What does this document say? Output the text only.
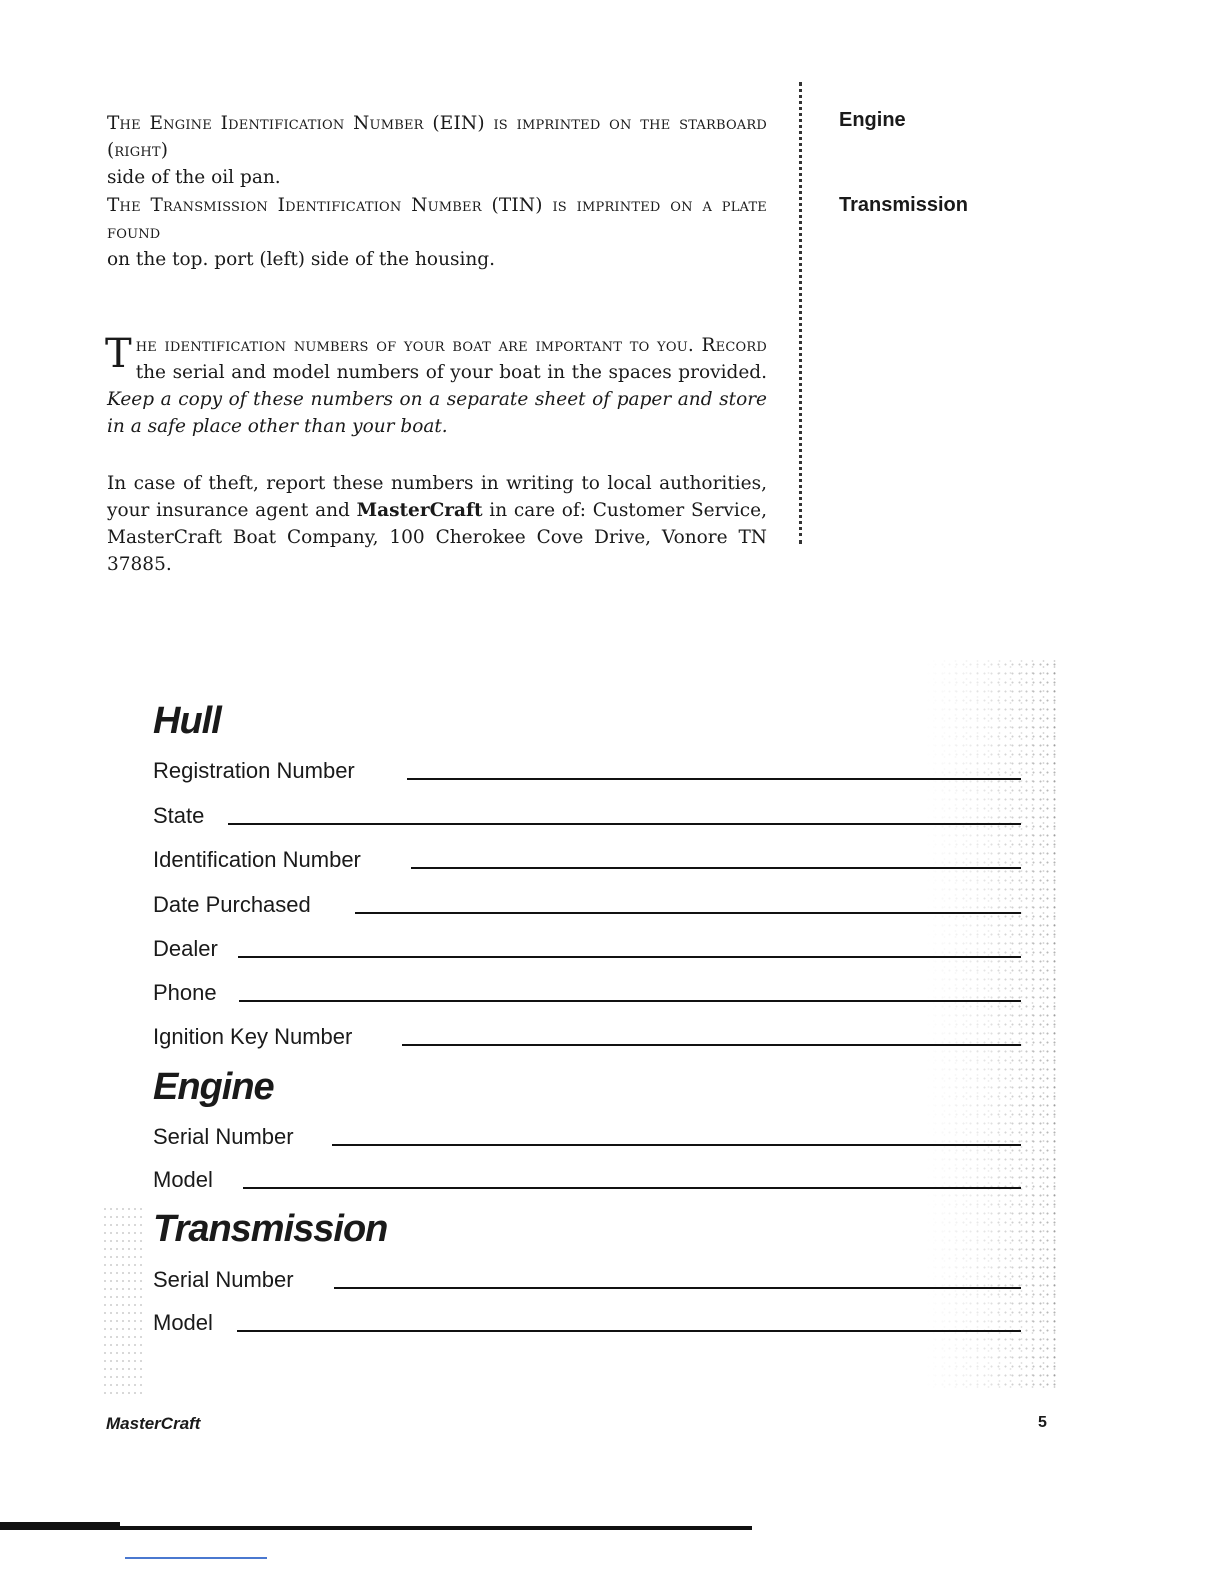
The Engine Identification Number (EIN) is imprinted on the starboard (right)
side of the oil pan.
The Transmission Identification Number (TIN) is imprinted on a plate found
on the top. port (left) side of the housing.
T he identification numbers of your boat are important to you. Record the serial and model numbers of your boat in the spaces provided. Keep a copy of these numbers on a separate sheet of paper and store in a safe place other than your boat.
In case of theft, report these numbers in writing to local authorities, your insurance agent and MasterCraft in care of: Customer Service, MasterCraft Boat Company, 100 Cherokee Cove Drive, Vonore TN 37885.
Engine
Transmission
Hull
Registration Number
State
Identification Number
Date Purchased
Dealer
Phone
Ignition Key Number
Engine
Serial Number
Model
Transmission
Serial Number
Model
MasterCraft	5
